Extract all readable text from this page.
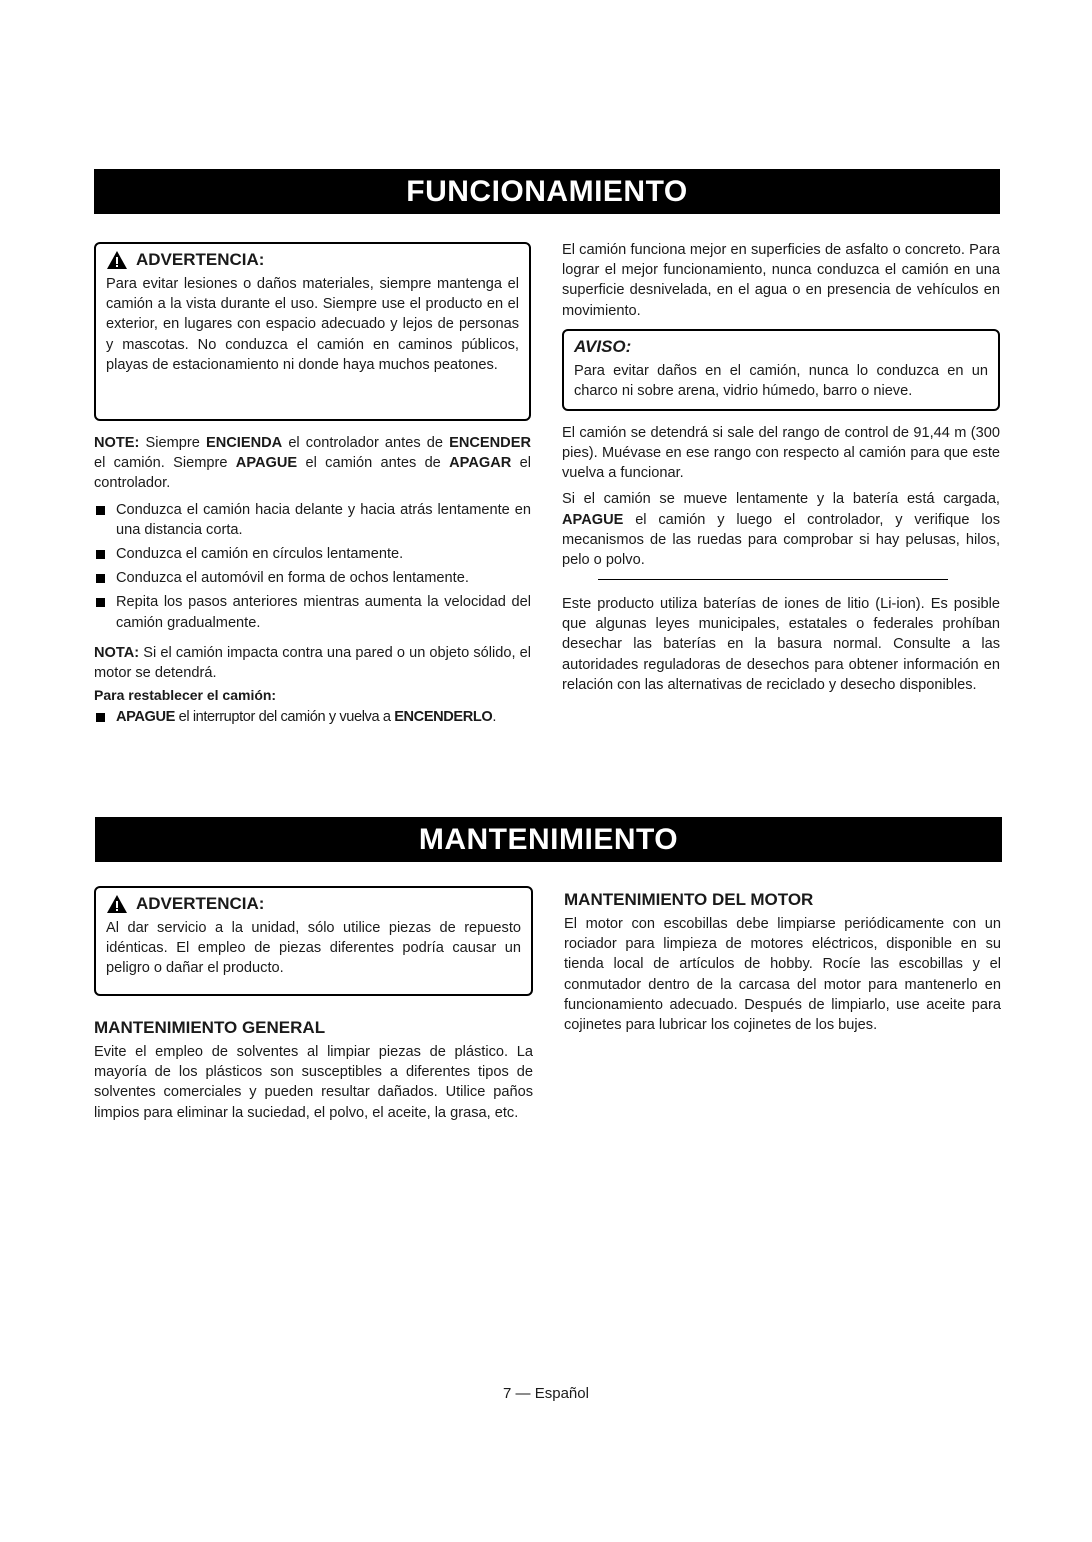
FUNCIONAMIENTO
ADVERTENCIA:

Para evitar lesiones o daños materiales, siempre mantenga el camión a la vista durante el uso. Siempre use el producto en el exterior, en lugares con espacio adecuado y lejos de personas y mascotas. No conduzca el camión en caminos públicos, playas de estacionamiento ni donde haya muchos peatones.

NOTE: Siempre ENCIENDA el controlador antes de ENCENDER el camión. Siempre APAGUE el camión antes de APAGAR el controlador.

Conduzca el camión hacia delante y hacia atrás lentamente en una distancia corta.
Conduzca el camión en círculos lentamente.
Conduzca el automóvil en forma de ochos lentamente.
Repita los pasos anteriores mientras aumenta la velocidad del camión gradualmente.

NOTA: Si el camión impacta contra una pared o un objeto sólido, el motor se detendrá.

Para restablecer el camión:
APAGUE el interruptor del camión y vuelva a ENCENDERLO.

El camión funciona mejor en superficies de asfalto o concreto. Para lograr el mejor funcionamiento, nunca conduzca el camión en una superficie desnivelada, en el agua o en presencia de vehículos en movimiento.

AVISO:

Para evitar daños en el camión, nunca lo conduzca en un charco ni sobre arena, vidrio húmedo, barro o nieve.

El camión se detendrá si sale del rango de control de 91,44 m (300 pies). Muévase en ese rango con respecto al camión para que este vuelva a funcionar.

Si el camión se mueve lentamente y la batería está cargada, APAGUE el camión y luego el controlador, y verifique los mecanismos de las ruedas para comprobar si hay pelusas, hilos, pelo o polvo.

Este producto utiliza baterías de iones de litio (Li-ion). Es posible que algunas leyes municipales, estatales o federales prohíban desechar las baterías en la basura normal. Consulte a las autoridades reguladoras de desechos para obtener información en relación con las alternativas de reciclado y desecho disponibles.

MANTENIMIENTO
ADVERTENCIA:

Al dar servicio a la unidad, sólo utilice piezas de repuesto idénticas. El empleo de piezas diferentes podría causar un peligro o dañar el producto.

MANTENIMIENTO GENERAL

Evite el empleo de solventes al limpiar piezas de plástico. La mayoría de los plásticos son susceptibles a diferentes tipos de solventes comerciales y pueden resultar dañados. Utilice paños limpios para eliminar la suciedad, el polvo, el aceite, la grasa, etc.

MANTENIMIENTO DEL MOTOR

El motor con escobillas debe limpiarse periódicamente con un rociador para limpieza de motores eléctricos, disponible en su tienda local de artículos de hobby. Rocíe las escobillas y el conmutador dentro de la carcasa del motor para mantenerlo en funcionamiento adecuado. Después de limpiarlo, use aceite para cojinetes para lubricar los cojinetes de los bujes.

7 — Español
